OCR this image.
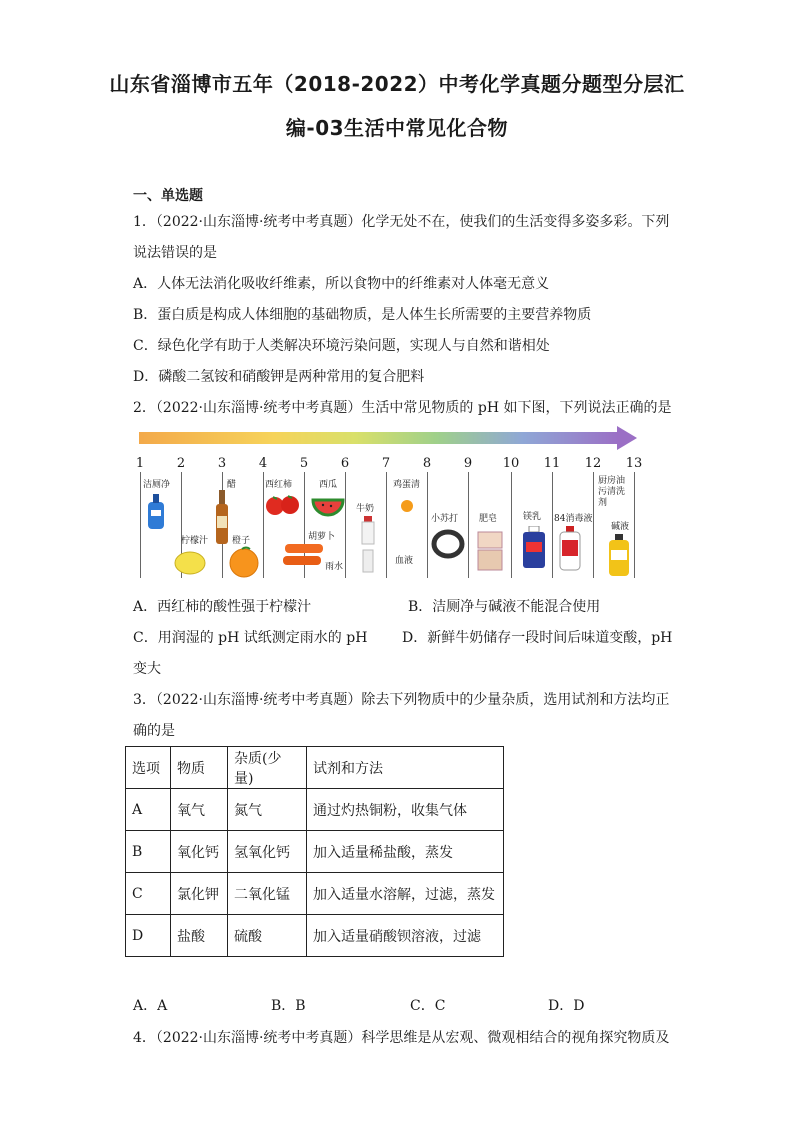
山东省淄博市五年（2018-2022）中考化学真题分题型分层汇
编-03生活中常见化合物
一、单选题
1．（2022·山东淄博·统考中考真题）化学无处不在，使我们的生活变得多姿多彩。下列
说法错误的是
A．人体无法消化吸收纤维素，所以食物中的纤维素对人体毫无意义
B．蛋白质是构成人体细胞的基础物质，是人体生长所需要的主要营养物质
C．绿色化学有助于人类解决环境污染问题，实现人与自然和谐相处
D．磷酸二氢铵和硝酸钾是两种常用的复合肥料
2．（2022·山东淄博·统考中考真题）生活中常见物质的 pH 如下图，下列说法正确的是
1	2	3	4	5	6	7	8	9	10 11 12 13
洁厕净	醋	西红柿	西瓜
牛奶
鸡蛋清
柠檬汁	橙子	胡萝卜
雨水
血液
小苏打 肥皂	镁乳 84消毒液
厨房油
污清洗
剂
碱液
A．西红柿的酸性强于柠檬汁	B．洁厕净与碱液不能混合使用
C．用润湿的 pH 试纸测定雨水的 pH D．新鲜牛奶储存一段时间后味道变酸，pH
变大
3．（2022·山东淄博·统考中考真题）除去下列物质中的少量杂质，选用试剂和方法均正
确的是
选项	物质	杂质(少量)	试剂和方法
A	氧气	氮气	通过灼热铜粉，收集气体
B	氧化钙	氢氧化钙	加入适量稀盐酸，蒸发
C	氯化钾	二氧化锰	加入适量水溶解，过滤，蒸发
D	盐酸	硫酸	加入适量硝酸钡溶液，过滤
A．A	B．B	C．C	D．D
4．（2022·山东淄博·统考中考真题）科学思维是从宏观、微观相结合的视角探究物质及
